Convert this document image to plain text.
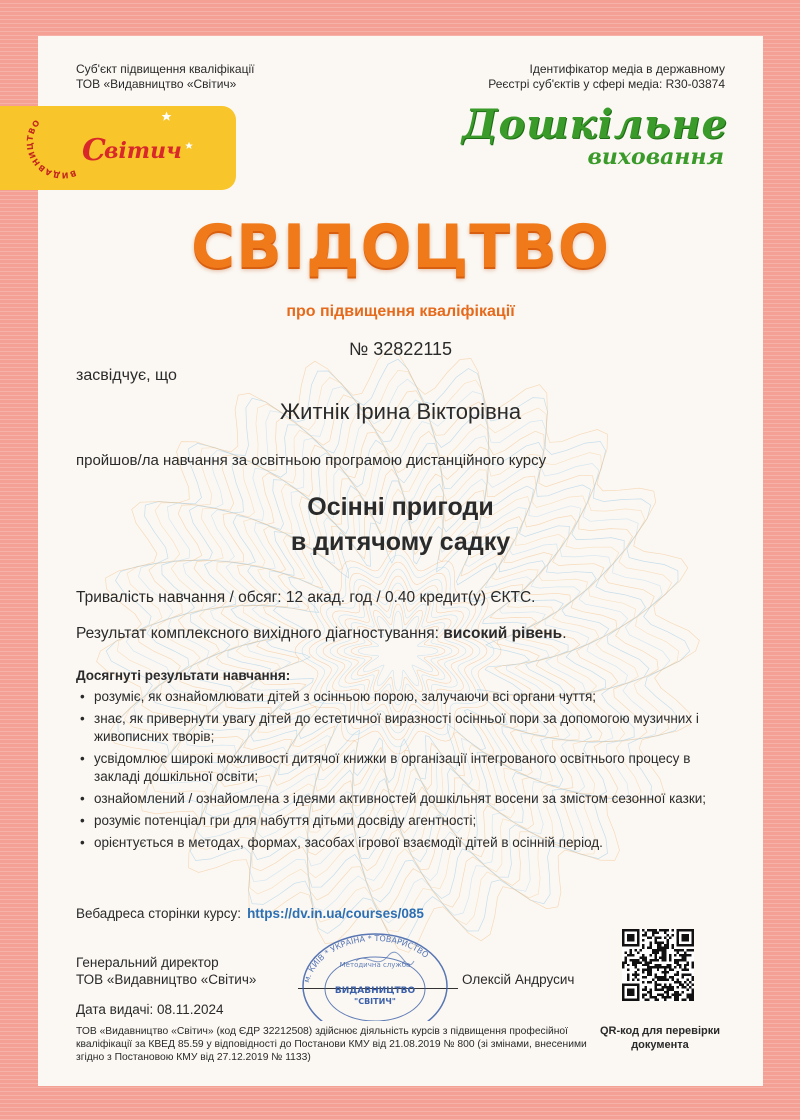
Суб'єкт підвищення кваліфікації
ТОВ «Видавництво «Світич»
Ідентифікатор медіа в державному
Реєстрі суб'єктів у сфері медіа: R30-03874
ВИДАВНИЦТВО
С
вітич
Дошкільне
виховання
СВІДОЦТВО
про підвищення кваліфікації
№ 32822115
засвідчує, що
Житнік Ірина Вікторівна
пройшов/ла навчання за освітньою програмою дистанційного курсу
Осінні пригоди
в дитячому садку
Тривалість навчання / обсяг: 12 акад. год / 0.40 кредит(у) ЄКТС.
Результат комплексного вихідного діагностування: високий рівень.
Досягнуті результати навчання:
• розуміє, як ознайомлювати дітей з осінньою порою, залучаючи всі органи чуття;
• знає, як привернути увагу дітей до естетичної виразності осінньої пори за допомогою музичних і живописних творів;
• усвідомлює широкі можливості дитячої книжки в організації інтегрованого освітнього процесу в закладі дошкільної освіти;
• ознайомлений / ознайомлена з ідеями активностей дошкільнят восени за змістом сезонної казки;
• розуміє потенціал гри для набуття дітьми досвіду агентності;
• орієнтується в методах, формах, засобах ігрової взаємодії дітей в осінній період.
Вебадреса сторінки курсу: https://dv.in.ua/courses/085
Генеральний директор
ТОВ «Видавництво «Світич»	Олексій Андрусич
Дата видачі: 08.11.2024
м. КИЇВ * УКРАЇНА * ТОВАРИСТВО
Методична служба
ВИДАВНИЦТВО
"СВІТИЧ"
ТОВ «Видавництво «Світич» (код ЄДР 32212508) здійснює діяльність курсів з підвищення професійної кваліфікації за КВЕД 85.59 у відповідності до Постанови КМУ від 21.08.2019 № 800 (зі змінами, внесеними згідно з Постановою КМУ від 27.12.2019 № 1133)
QR-код для перевірки
документа
